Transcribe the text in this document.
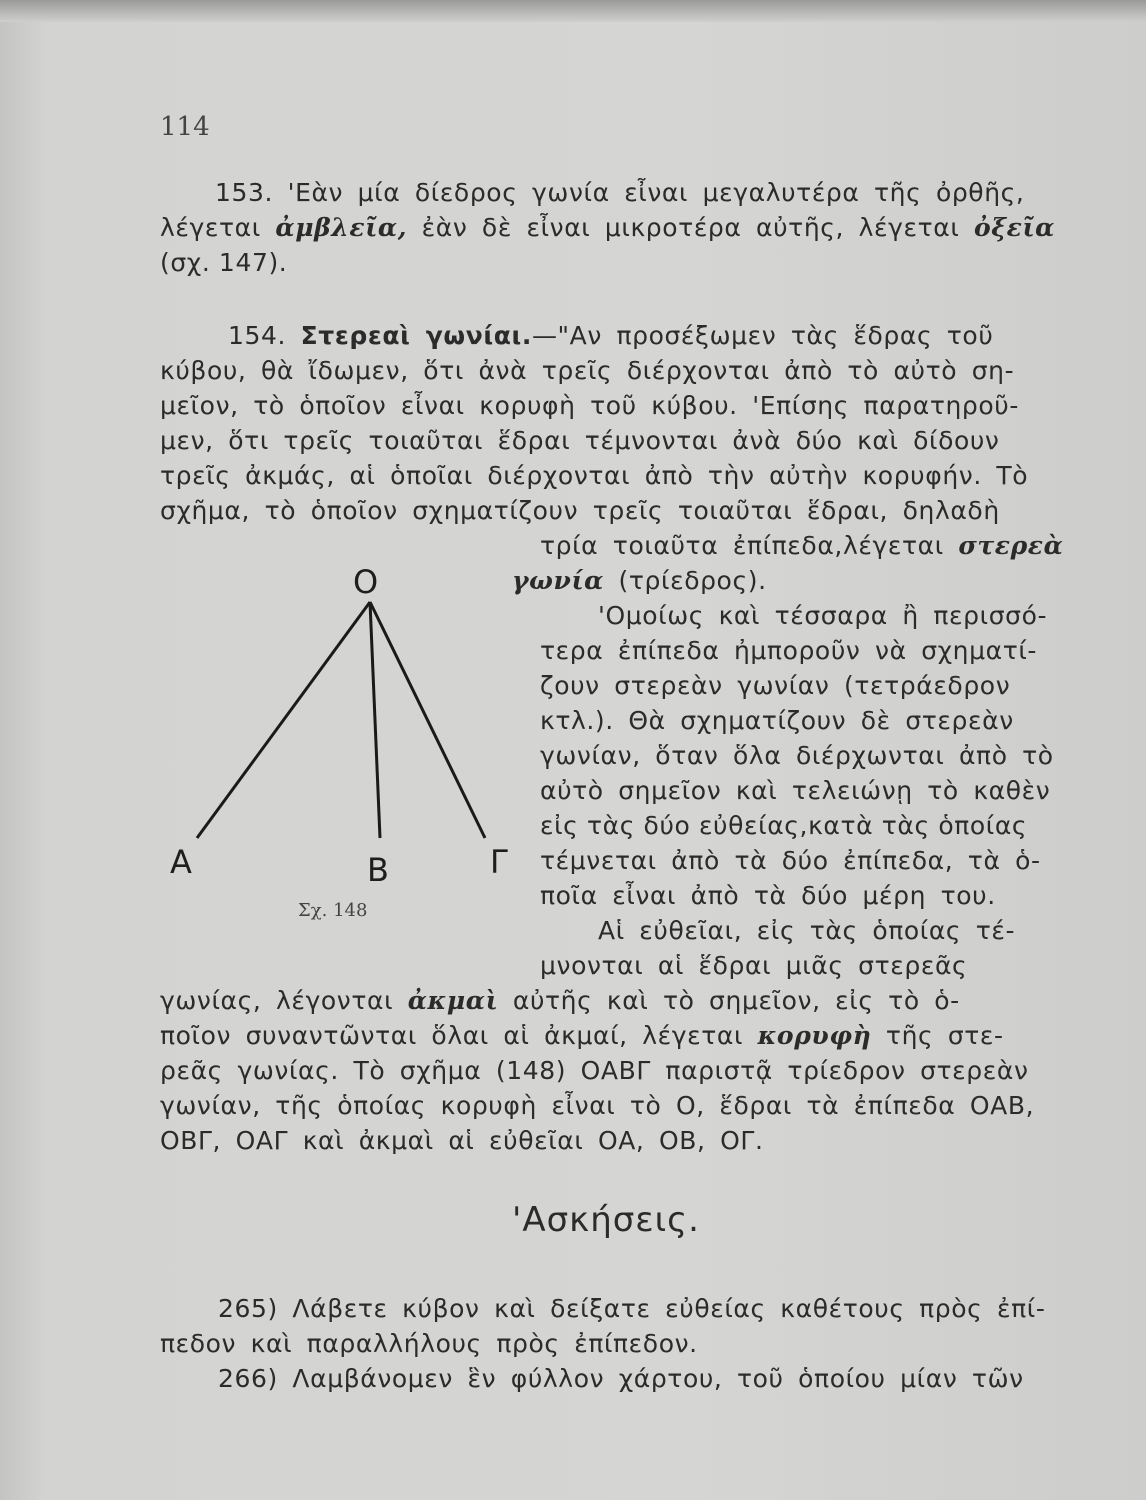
114
153. 'Εὰν μία δίεδρος γωνία εἶναι μεγαλυτέρα τῆς ὀρθῆς,
λέγεται ἀμβλεῖα, ἐὰν δὲ εἶναι μικροτέρα αὐτῆς, λέγεται ὀξεῖα
(σχ. 147).
154. Στερεαὶ γωνίαι.—"Αν προσέξωμεν τὰς ἕδρας τοῦ
κύβου, θὰ ἴδωμεν, ὅτι ἀνὰ τρεῖς διέρχονται ἀπὸ τὸ αὐτὸ ση-
μεῖον, τὸ ὁποῖον εἶναι κορυφὴ τοῦ κύβου. 'Επίσης παρατηροῦ-
μεν, ὅτι τρεῖς τοιαῦται ἕδραι τέμνονται ἀνὰ δύο καὶ δίδουν
τρεῖς ἀκμάς, αἱ ὁποῖαι διέρχονται ἀπὸ τὴν αὐτὴν κορυφήν. Τὸ
σχῆμα, τὸ ὁποῖον σχηματίζουν τρεῖς τοιαῦται ἕδραι, δηλαδὴ
τρία τοιαῦτα ἐπίπεδα,λέγεται στερεὰ
γωνία (τρίεδρος).
'Ομοίως καὶ τέσσαρα ἢ περισσό-
τερα ἐπίπεδα ἠμποροῦν νὰ σχηματί-
ζουν στερεὰν γωνίαν (τετράεδρον
κτλ.). Θὰ σχηματίζουν δὲ στερεὰν
γωνίαν, ὅταν ὅλα διέρχωνται ἀπὸ τὸ
αὐτὸ σημεῖον καὶ τελειώνῃ τὸ καθὲν
εἰς τὰς δύο εὐθείας,κατὰ τὰς ὁποίας
τέμνεται ἀπὸ τὰ δύο ἐπίπεδα, τὰ ὁ-
ποῖα εἶναι ἀπὸ τὰ δύο μέρη του.
Αἱ εὐθεῖαι, εἰς τὰς ὁποίας τέ-
μνονται αἱ ἕδραι μιᾶς στερεᾶς
γωνίας, λέγονται ἀκμαὶ αὐτῆς καὶ τὸ σημεῖον, εἰς τὸ ὁ-
ποῖον συναντῶνται ὅλαι αἱ ἀκμαί, λέγεται κορυφὴ τῆς στε-
ρεᾶς γωνίας. Τὸ σχῆμα (148) ΟΑΒΓ παριστᾷ τρίεδρον στερεὰν
γωνίαν, τῆς ὁποίας κορυφὴ εἶναι τὸ Ο, ἕδραι τὰ ἐπίπεδα ΟΑΒ,
ΟΒΓ, ΟΑΓ καὶ ἀκμαὶ αἱ εὐθεῖαι ΟΑ, ΟΒ, ΟΓ.
'Ασκήσεις.
265) Λάβετε κύβον καὶ δείξατε εὐθείας καθέτους πρὸς ἐπί-
πεδον καὶ παραλλήλους πρὸς ἐπίπεδον.
266) Λαμβάνομεν ἓν φύλλον χάρτου, τοῦ ὁποίου μίαν τῶν
O
A	B	Γ
Σχ. 148
